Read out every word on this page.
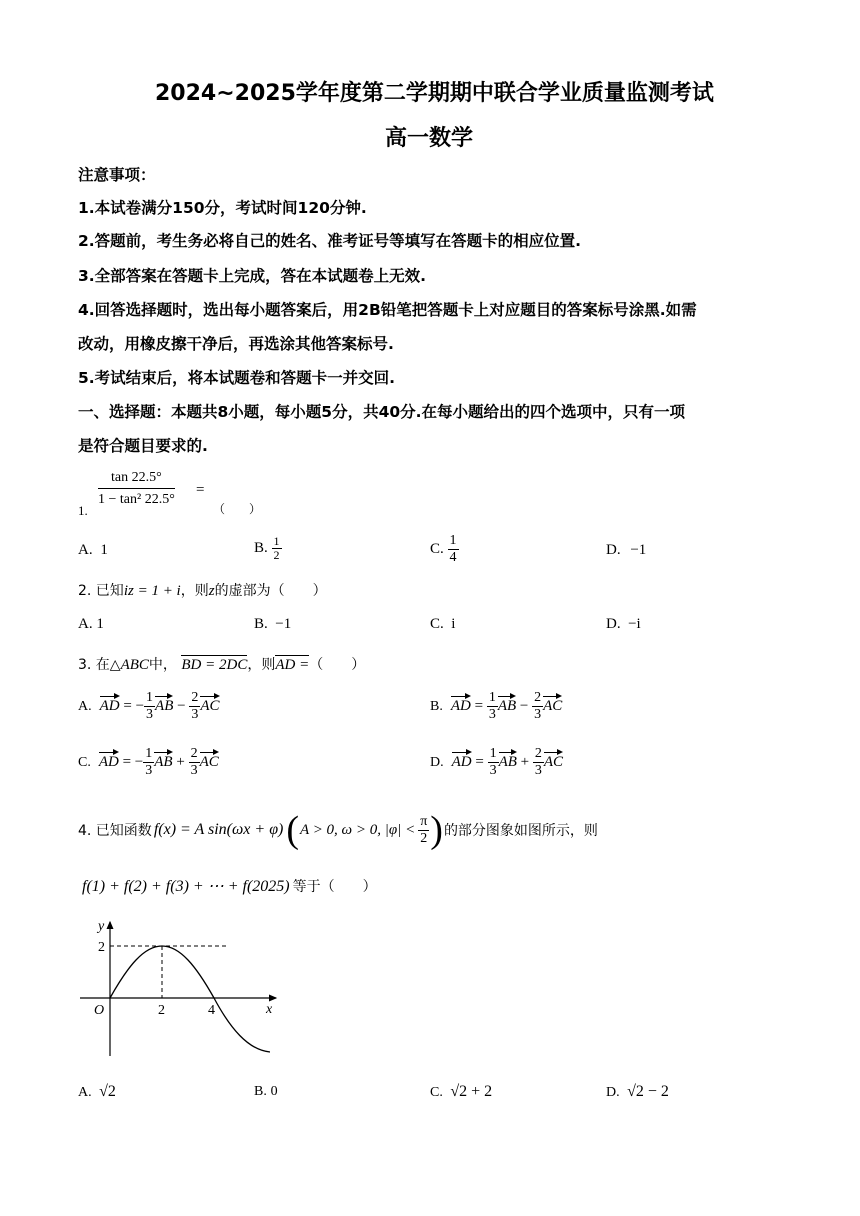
2024~2025学年度第二学期期中联合学业质量监测考试
高一数学
注意事项：
1.本试卷满分150分，考试时间120分钟.
2.答题前，考生务必将自己的姓名、准考证号等填写在答题卡的相应位置.
3.全部答案在答题卡上完成，答在本试题卷上无效.
4.回答选择题时，选出每小题答案后，用2B铅笔把答题卡上对应题目的答案标号涂黑.如需
改动，用橡皮擦干净后，再选涂其他答案标号.
5.考试结束后，将本试题卷和答题卡一并交回.
一、选择题：本题共8小题，每小题5分，共40分.在每小题给出的四个选项中，只有一项
是符合题目要求的.
1.
$\frac{\tan 22.5^\circ}{\text{1 − tan² 22.5°}}$ =
（　　）
A. 1	B. $\frac{1}{2}$	C. $\frac{1}{4}$	D. −1
2. 已知iz = 1 + i，则z的虚部为（　　）
A. 1	B. −1	C. i	D. −i
3. 在△ABC中， BD = 2DC，则AD =（　　）
A. AD = − $\frac{1}{3}$ AB − $\frac{2}{3}$ AC	B. AD = $\frac{1}{3}$ AB − $\frac{2}{3}$ AC
C. AD = − $\frac{1}{3}$ AB + $\frac{2}{3}$ AC	D. AD = $\frac{1}{3}$ AB + $\frac{2}{3}$ AC
4. 已知函数 f(x) = A sin(ωx + φ) ( A > 0, ω > 0, $|\varphi| < \frac{\pi}{2}$ ) 的部分图象如图所示，则
f(1) + f(2) + f(3) + ⋯ + f(2025) 等于（　　）
y
x
O
2
2	4
A. √2	B. 0	C. √2 + 2	D. √2 − 2
